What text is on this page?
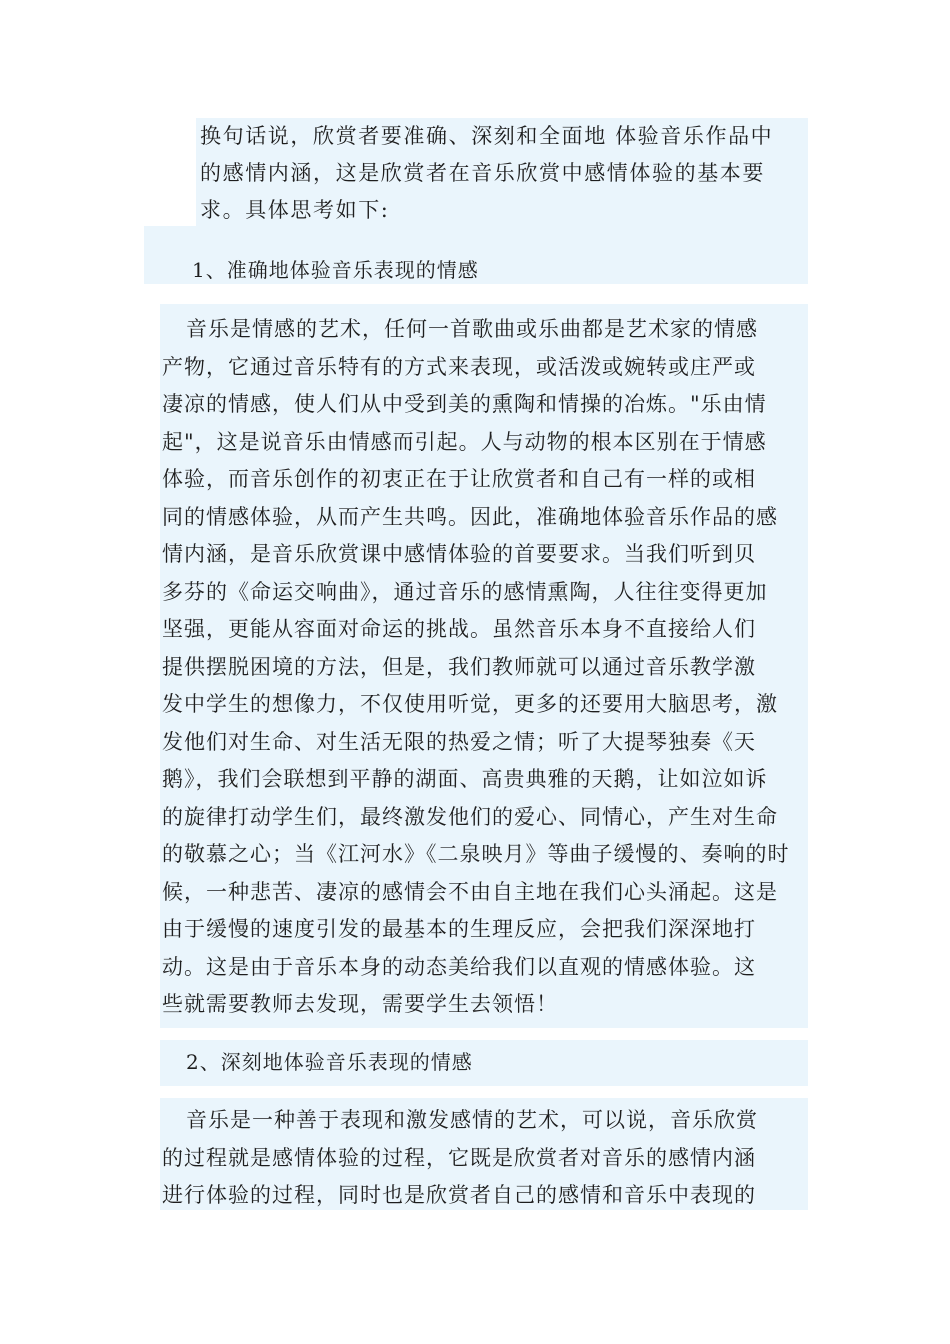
换句话说，欣赏者要准确、深刻和全面地 体验音乐作品中
的感情内涵，这是欣赏者在音乐欣赏中感情体验的基本要
求。具体思考如下:
1、准确地体验音乐表现的情感
音乐是情感的艺术，任何一首歌曲或乐曲都是艺术家的情感
产物，它通过音乐特有的方式来表现，或活泼或婉转或庄严或
凄凉的情感，使人们从中受到美的熏陶和情操的冶炼。"乐由情
起"，这是说音乐由情感而引起。人与动物的根本区别在于情感
体验，而音乐创作的初衷正在于让欣赏者和自己有一样的或相
同的情感体验，从而产生共鸣。因此，准确地体验音乐作品的感
情内涵，是音乐欣赏课中感情体验的首要要求。当我们听到贝
多芬的《命运交响曲》，通过音乐的感情熏陶，人往往变得更加
坚强，更能从容面对命运的挑战。虽然音乐本身不直接给人们
提供摆脱困境的方法，但是，我们教师就可以通过音乐教学激
发中学生的想像力，不仅使用听觉，更多的还要用大脑思考，激
发他们对生命、对生活无限的热爱之情；听了大提琴独奏《天
鹅》，我们会联想到平静的湖面、高贵典雅的天鹅，让如泣如诉
的旋律打动学生们，最终激发他们的爱心、同情心，产生对生命
的敬慕之心；当《江河水》《二泉映月》等曲子缓慢的、奏响的时
候，一种悲苦、凄凉的感情会不由自主地在我们心头涌起。这是
由于缓慢的速度引发的最基本的生理反应，会把我们深深地打
动。这是由于音乐本身的动态美给我们以直观的情感体验。这
些就需要教师去发现，需要学生去领悟！
2、深刻地体验音乐表现的情感
音乐是一种善于表现和激发感情的艺术，可以说，音乐欣赏
的过程就是感情体验的过程，它既是欣赏者对音乐的感情内涵
进行体验的过程，同时也是欣赏者自己的感情和音乐中表现的
